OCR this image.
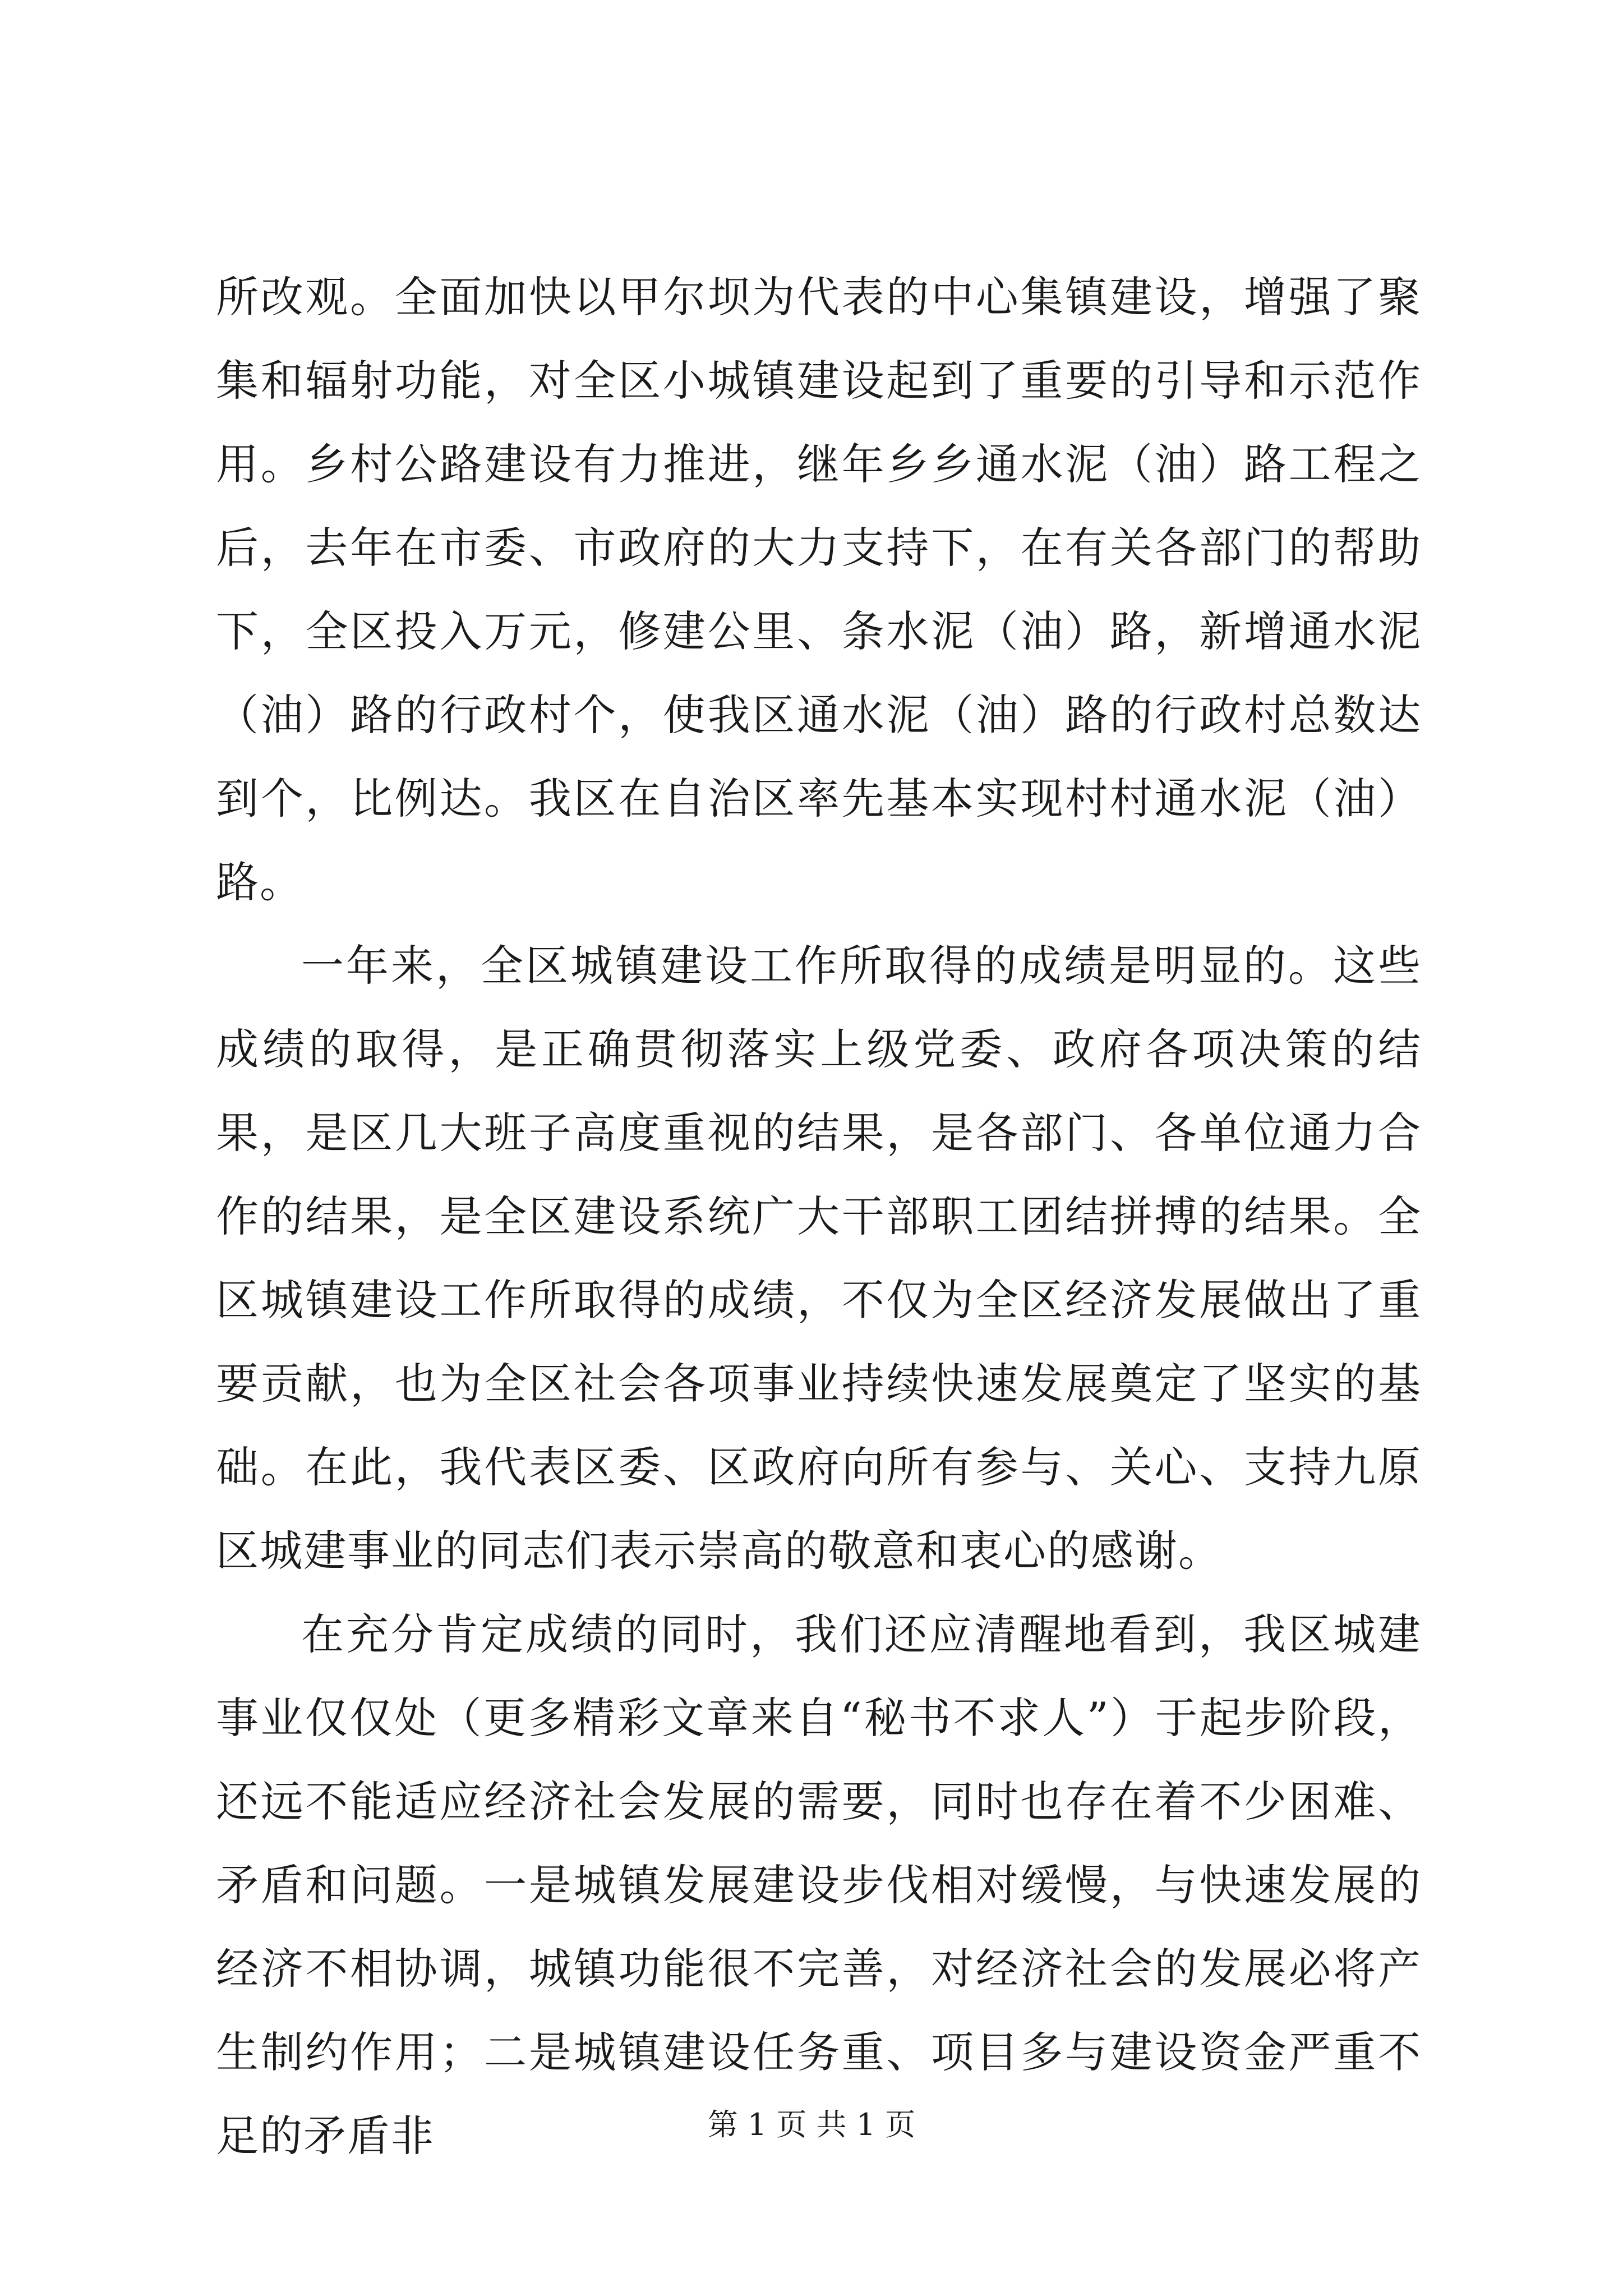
所改观。全面加快以甲尔坝为代表的中心集镇建设，增强了聚集和辐射功能，对全区小城镇建设起到了重要的引导和示范作用。乡村公路建设有力推进，继年乡乡通水泥（油）路工程之后，去年在市委、市政府的大力支持下，在有关各部门的帮助下，全区投入万元，修建公里、条水泥（油）路，新增通水泥（油）路的行政村个，使我区通水泥（油）路的行政村总数达到个，比例达。我区在自治区率先基本实现村村通水泥（油）路。

一年来，全区城镇建设工作所取得的成绩是明显的。这些成绩的取得，是正确贯彻落实上级党委、政府各项决策的结果，是区几大班子高度重视的结果，是各部门、各单位通力合作的结果，是全区建设系统广大干部职工团结拼搏的结果。全区城镇建设工作所取得的成绩，不仅为全区经济发展做出了重要贡献，也为全区社会各项事业持续快速发展奠定了坚实的基础。在此，我代表区委、区政府向所有参与、关心、支持九原区城建事业的同志们表示崇高的敬意和衷心的感谢。

在充分肯定成绩的同时，我们还应清醒地看到，我区城建事业仅仅处（更多精彩文章来自“秘书不求人”）于起步阶段，还远不能适应经济社会发展的需要，同时也存在着不少困难、矛盾和问题。一是城镇发展建设步伐相对缓慢，与快速发展的经济不相协调，城镇功能很不完善，对经济社会的发展必将产生制约作用；二是城镇建设任务重、项目多与建设资金严重不足的矛盾非	第 1 页 共 1 页
